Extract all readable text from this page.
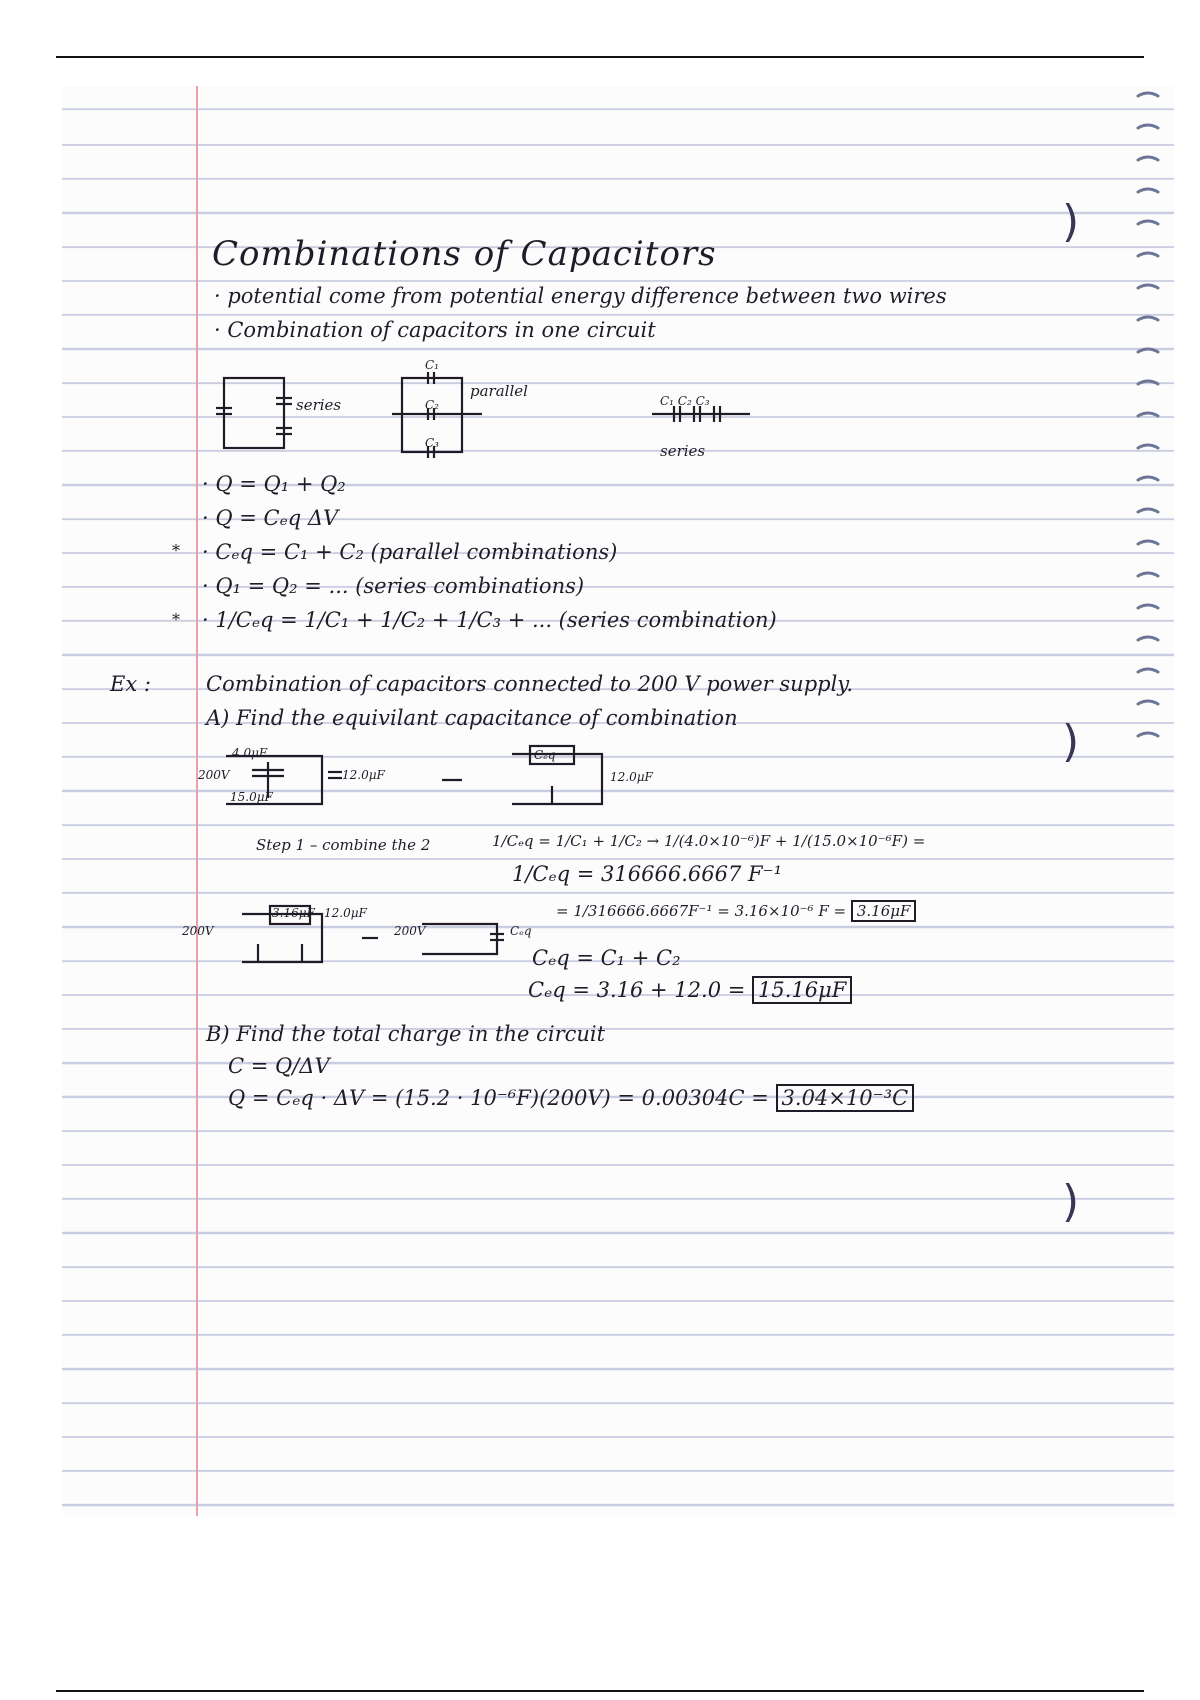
)
)
)
Combinations of Capacitors
· potential come from potential energy difference between two wires
· Combination of capacitors in one circuit
series
C₁
C₂
C₃
parallel
C₁ C₂ C₃
series
*
*
· Q = Q₁ + Q₂
· Q = Cₑq ΔV
· Cₑq = C₁ + C₂ (parallel combinations)
· Q₁ = Q₂ = ... (series combinations)
· 1/Cₑq = 1/C₁ + 1/C₂ + 1/C₃ + ... (series combination)
Ex :	Combination of capacitors connected to 200 V power supply.
A) Find the equivilant capacitance of combination
4.0μF
15.0μF
200V	12.0μF
Cₑq
12.0μF
Step 1 – combine the 2	1/Cₑq = 1/C₁ + 1/C₂ → 1/(4.0×10⁻⁶)F + 1/(15.0×10⁻⁶F) =
1/Cₑq = 316666.6667 F⁻¹
= 1/316666.6667F⁻¹ = 3.16×10⁻⁶ F = 3.16μF
3.16μF 12.0μF
200V	200V	Cₑq
Cₑq = C₁ + C₂
Cₑq = 3.16 + 12.0 = 15.16μF
B) Find the total charge in the circuit
C = Q/ΔV
Q = Cₑq · ΔV = (15.2 · 10⁻⁶F)(200V) = 0.00304C = 3.04×10⁻³C
